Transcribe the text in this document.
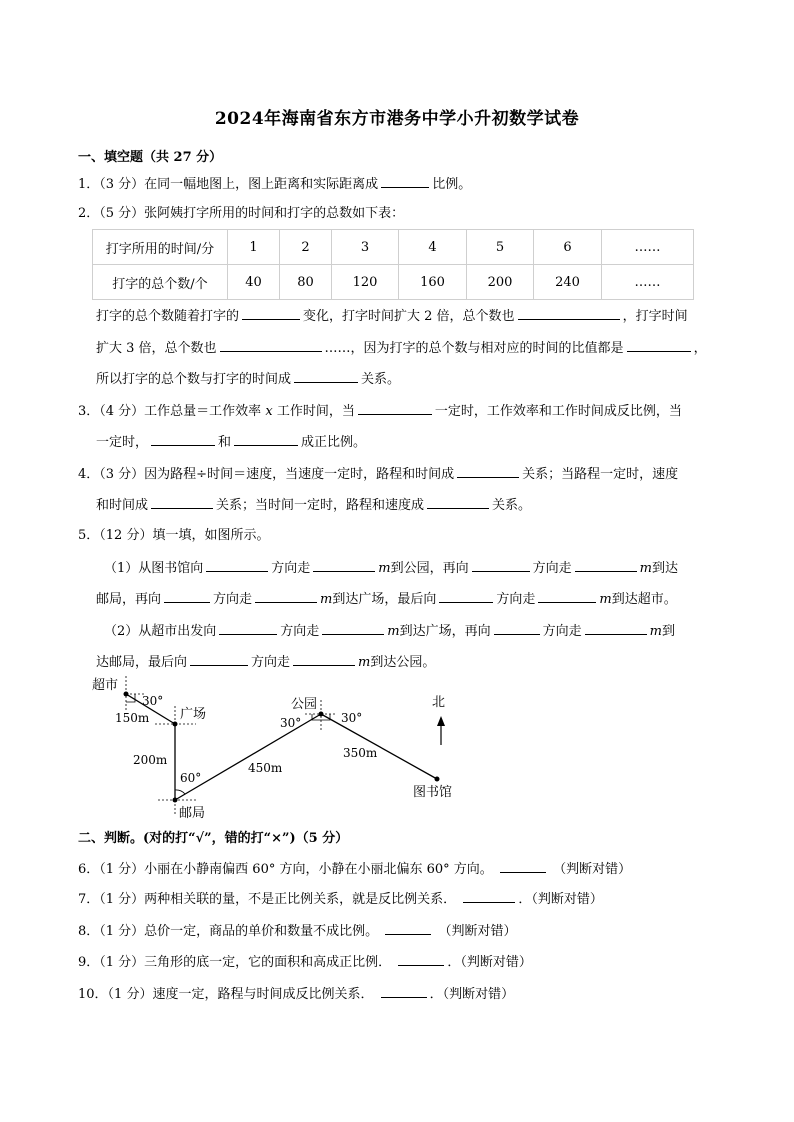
2024年海南省东方市港务中学小升初数学试卷
一、填空题（共 27 分）
1．（3 分）在同一幅地图上，图上距离和实际距离成	比例。
2．（5 分）张阿姨打字所用的时间和打字的总数如下表：
打字所用的时间/分	1	2	3	4	5	6	……
打字的总个数/个	40	80	120	160	200	240	……
打字的总个数随着打字的	变化，打字时间扩大 2 倍，总个数也	，打字时间
扩大 3 倍，总个数也	……，因为打字的总个数与相对应的时间的比值都是	，
所以打字的总个数与打字的时间成	关系。
3．（4 分）工作总量＝工作效率 x 工作时间，当	一定时，工作效率和工作时间成反比例，当
一定时，	和	成正比例。
4．（3 分）因为路程÷时间＝速度，当速度一定时，路程和时间成	关系；当路程一定时，速度
和时间成	关系；当时间一定时，路程和速度成	关系。
5．（12 分）填一填，如图所示。
（1）从图书馆向	方向走	m到公园，再向	方向走	m到达
邮局，再向	方向走	m到达广场，最后向	方向走	m到达超市。
（2）从超市出发向	方向走	m到达广场，再向	方向走	m到
达邮局，最后向	方向走	m到达公园。
超市
30°
150m 广场
200m
60°
邮局
450m
公园
30°	30°
350m
图书馆
北
二、判断。(对的打“√”，错的打“×”)（5 分）
6．（1 分）小丽在小静南偏西 60° 方向，小静在小丽北偏东 60° 方向。	（判断对错）
7．（1 分）两种相关联的量，不是正比例关系，就是反比例关系．	．（判断对错）
8．（1 分）总价一定，商品的单价和数量不成比例。	（判断对错）
9．（1 分）三角形的底一定，它的面积和高成正比例．	．（判断对错）
10．（1 分）速度一定，路程与时间成反比例关系．	．（判断对错）
